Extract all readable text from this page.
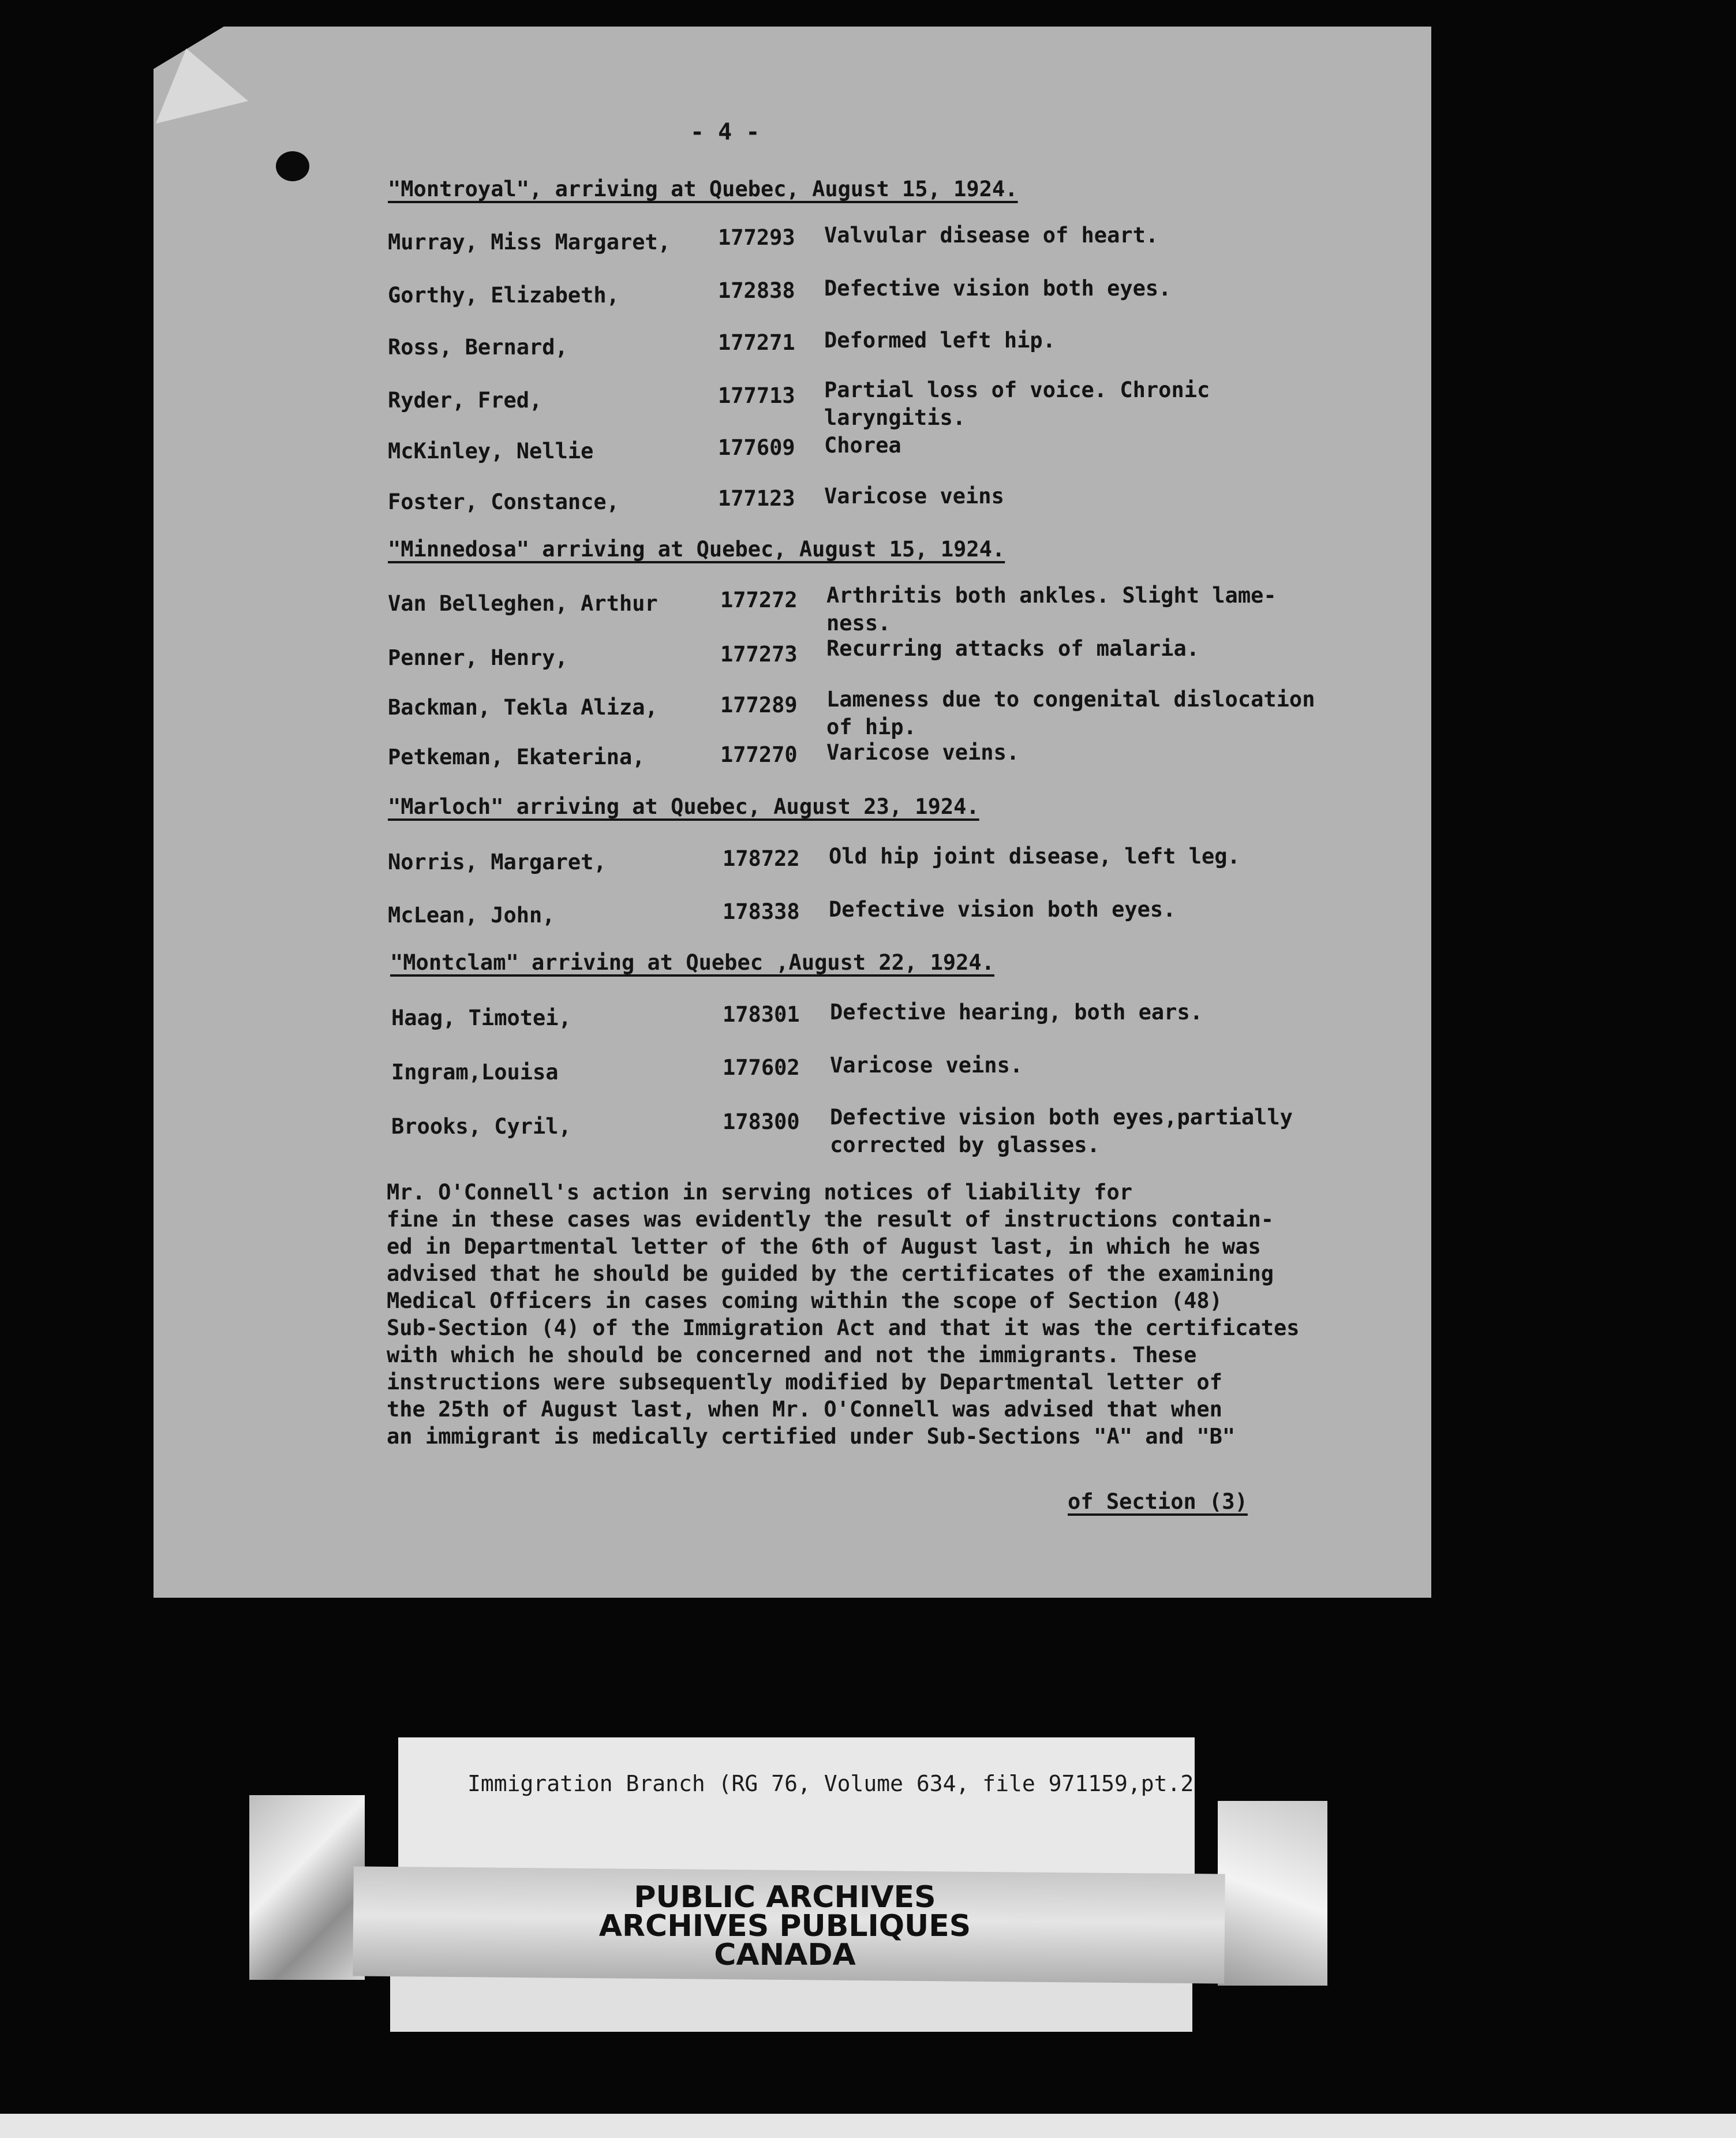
- 4 -

"Montroyal", arriving at Quebec, August 15, 1924.

Murray, Miss Margaret, 177293 Valvular disease of heart.

Gorthy, Elizabeth,	172838 Defective vision both eyes.

Ross, Bernard,	177271 Deformed left hip.

Ryder, Fred,	177713 Partial loss of voice. Chronic

laryngitis.

McKinley, Nellie	177609 Chorea

Foster, Constance,	177123 Varicose veins

"Minnedosa" arriving at Quebec, August 15, 1924.

Van Belleghen, Arthur	177272 Arthritis both ankles. Slight lame-

ness.

Penner, Henry,	177273 Recurring attacks of malaria.

Backman, Tekla Aliza,	177289 Lameness due to congenital dislocation

of hip.

Petkeman, Ekaterina,	177270 Varicose veins.

"Marloch" arriving at Quebec, August 23, 1924.

Norris, Margaret,	178722 Old hip joint disease, left leg.

McLean, John,	178338 Defective vision both eyes.

"Montclam" arriving at Quebec ,August 22, 1924.

Haag, Timotei,	178301 Defective hearing, both ears.

Ingram,Louisa	177602 Varicose veins.

Brooks, Cyril,	178300 Defective vision both eyes,partially

corrected by glasses.

Mr. O'Connell's action in serving notices of liability for
fine in these cases was evidently the result of instructions contain-
ed in Departmental letter of the 6th of August last, in which he was
advised that he should be guided by the certificates of the examining
Medical Officers in cases coming within the scope of Section (48)
Sub-Section (4) of the Immigration Act and that it was the certificates
with which he should be concerned and not the immigrants. These
instructions were subsequently modified by Departmental letter of
the 25th of August last, when Mr. O'Connell was advised that when
an immigrant is medically certified under Sub-Sections "A" and "B"

of Section (3)

Immigration Branch (RG 76, Volume 634, file 971159,pt.2

PUBLIC ARCHIVES
ARCHIVES PUBLIQUES
CANADA
